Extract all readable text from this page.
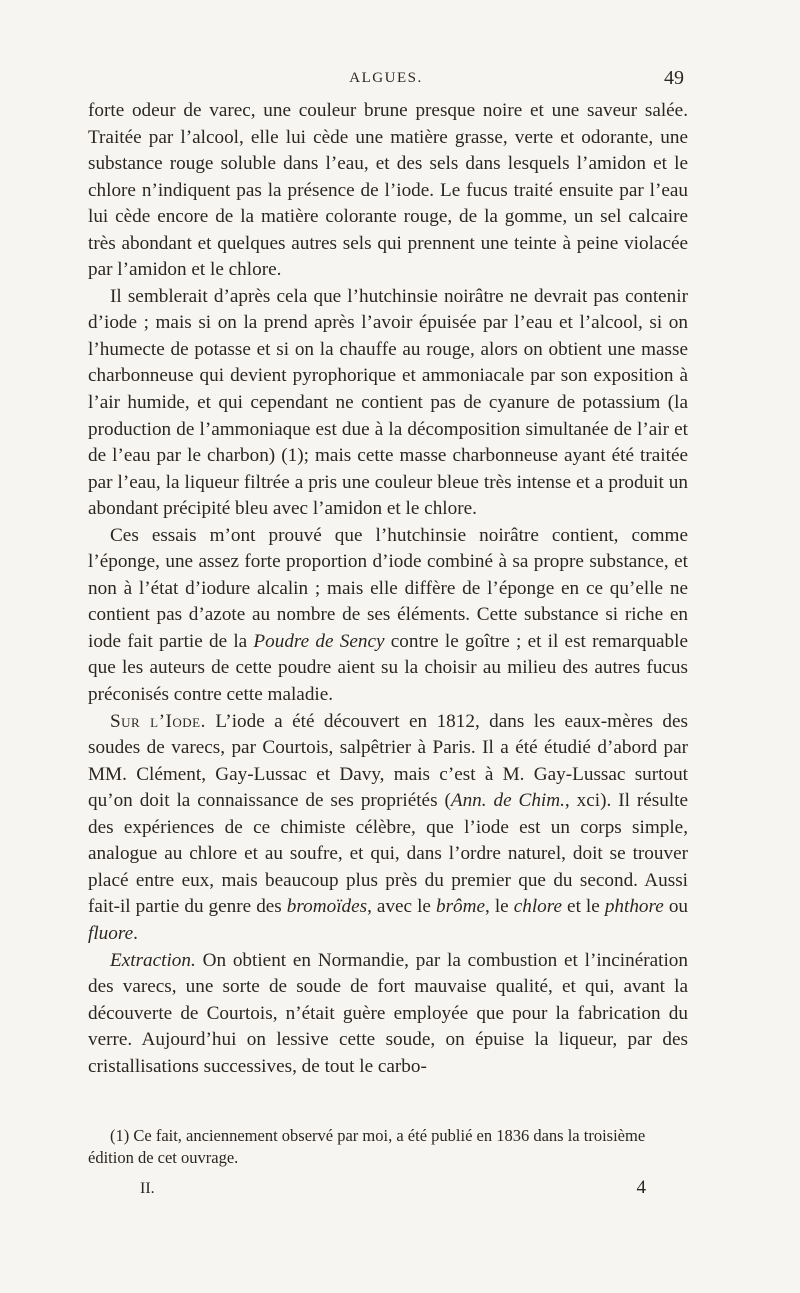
ALGUES.	49

forte odeur de varec, une couleur brune presque noire et une saveur salée. Traitée par l’alcool, elle lui cède une matière grasse, verte et odorante, une substance rouge soluble dans l’eau, et des sels dans lesquels l’amidon et le chlore n’indiquent pas la présence de l’iode. Le fucus traité ensuite par l’eau lui cède encore de la matière colorante rouge, de la gomme, un sel calcaire très abondant et quelques autres sels qui prennent une teinte à peine violacée par l’amidon et le chlore.

Il semblerait d’après cela que l’hutchinsie noirâtre ne devrait pas contenir d’iode ; mais si on la prend après l’avoir épuisée par l’eau et l’alcool, si on l’humecte de potasse et si on la chauffe au rouge, alors on obtient une masse charbonneuse qui devient pyrophorique et ammoniacale par son exposition à l’air humide, et qui cependant ne contient pas de cyanure de potassium (la production de l’ammoniaque est due à la décomposition simultanée de l’air et de l’eau par le charbon) (1); mais cette masse charbonneuse ayant été traitée par l’eau, la liqueur filtrée a pris une couleur bleue très intense et a produit un abondant précipité bleu avec l’amidon et le chlore.

Ces essais m’ont prouvé que l’hutchinsie noirâtre contient, comme l’éponge, une assez forte proportion d’iode combiné à sa propre substance, et non à l’état d’iodure alcalin ; mais elle diffère de l’éponge en ce qu’elle ne contient pas d’azote au nombre de ses éléments. Cette substance si riche en iode fait partie de la Poudre de Sency contre le goître ; et il est remarquable que les auteurs de cette poudre aient su la choisir au milieu des autres fucus préconisés contre cette maladie.

Sur l’Iode. L’iode a été découvert en 1812, dans les eaux-mères des soudes de varecs, par Courtois, salpêtrier à Paris. Il a été étudié d’abord par MM. Clément, Gay-Lussac et Davy, mais c’est à M. Gay-Lussac surtout qu’on doit la connaissance de ses propriétés (Ann. de Chim., xci). Il résulte des expériences de ce chimiste célèbre, que l’iode est un corps simple, analogue au chlore et au soufre, et qui, dans l’ordre naturel, doit se trouver placé entre eux, mais beaucoup plus près du premier que du second. Aussi fait-il partie du genre des bromoïdes, avec le brôme, le chlore et le phthore ou fluore.

Extraction. On obtient en Normandie, par la combustion et l’incinération des varecs, une sorte de soude de fort mauvaise qualité, et qui, avant la découverte de Courtois, n’était guère employée que pour la fabrication du verre. Aujourd’hui on lessive cette soude, on épuise la liqueur, par des cristallisations successives, de tout le carbo-

(1) Ce fait, anciennement observé par moi, a été publié en 1836 dans la troisième édition de cet ouvrage.

II.	4
